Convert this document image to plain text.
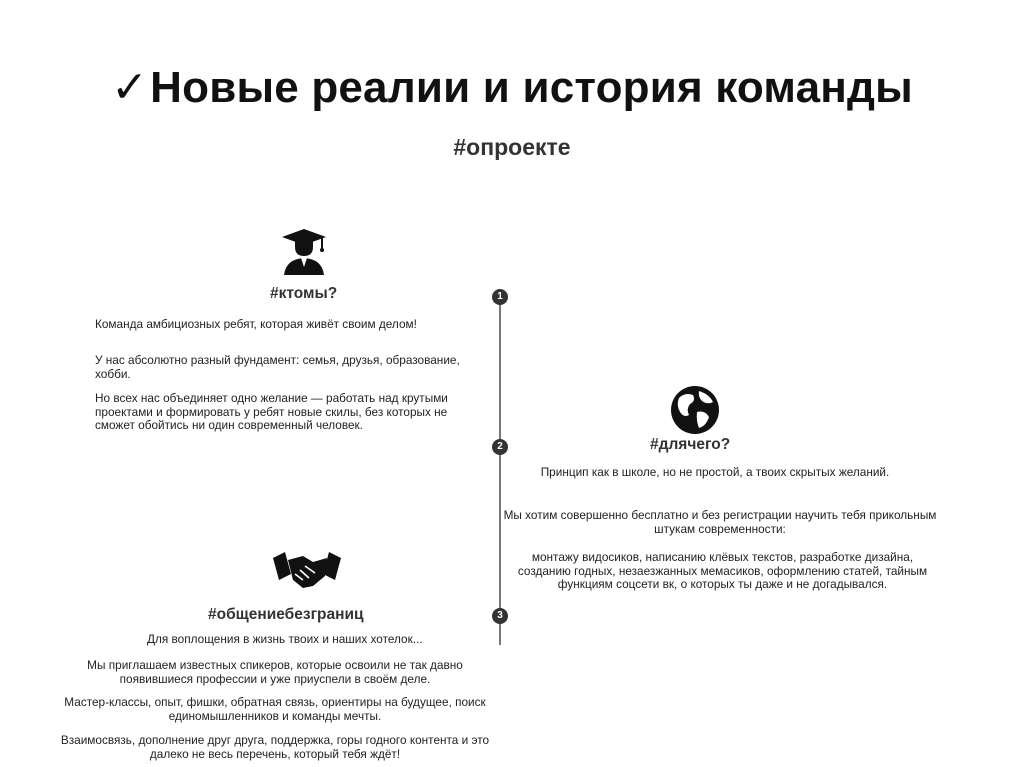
✓Новые реалии и история команды
#опроекте
1
2
3
#ктомы?

Команда амбициозных ребят, которая живёт своим делом!

У нас абсолютно разный фундамент: семья, друзья, образование, хобби.

Но всех нас объединяет одно желание — работать над крутыми проектами и формировать у ребят новые скилы, без которых не сможет обойтись ни один современный человек.

#длячего?

Принцип как в школе, но не простой, а твоих скрытых желаний.

Мы хотим совершенно бесплатно и без регистрации научить тебя прикольным штукам современности:

монтажу видосиков, написанию клёвых текстов, разработке дизайна, созданию годных, незаезжанных мемасиков, оформлению статей, тайным функциям соцсети вк, о которых ты даже и не догадывался.

#общениебезграниц

Для воплощения в жизнь твоих и наших хотелок...

Мы приглашаем известных спикеров, которые освоили не так давно появившиеся профессии и уже приуспели в своём деле.

Мастер-классы, опыт, фишки, обратная связь, ориентиры на будущее, поиск единомышленников и команды мечты.

Взаимосвязь, дополнение друг друга, поддержка, горы годного контента и это далеко не весь перечень, который тебя ждёт!
